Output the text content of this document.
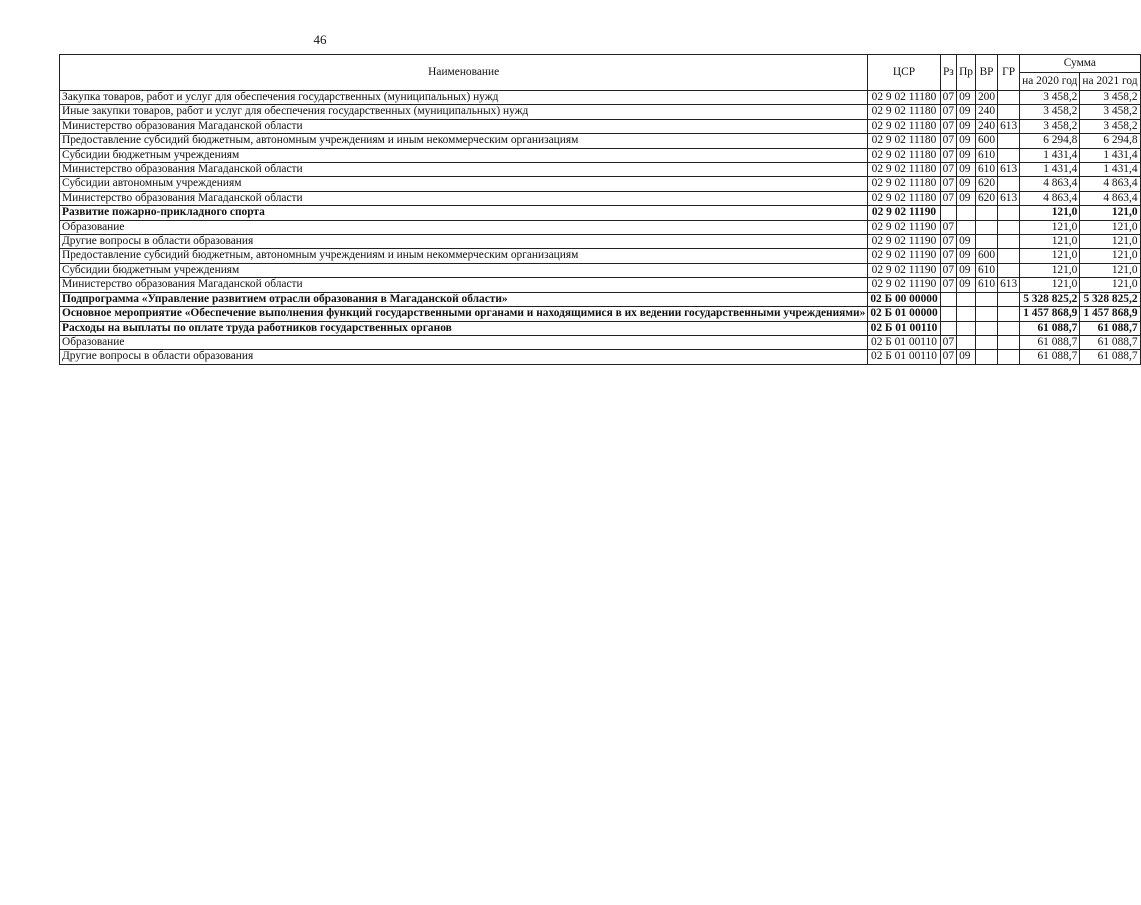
46
Наименование	ЦСР	Рз	Пр	ВР	ГР	Сумма	
						на 2020 год	на 2021 год
Закупка товаров, работ и услуг для обеспечения государственных (муниципальных) нужд	02 9 02 11180	07	09	200		3 458,2	3 458,2
Иные закупки товаров, работ и услуг для обеспечения государственных (муниципальных) нужд	02 9 02 11180	07	09	240		3 458,2	3 458,2
Министерство образования Магаданской области	02 9 02 11180	07	09	240	613	3 458,2	3 458,2
Предоставление субсидий бюджетным, автономным учреждениям и иным некоммерческим организациям	02 9 02 11180	07	09	600		6 294,8	6 294,8
Субсидии бюджетным учреждениям	02 9 02 11180	07	09	610		1 431,4	1 431,4
Министерство образования Магаданской области	02 9 02 11180	07	09	610	613	1 431,4	1 431,4
Субсидии автономным учреждениям	02 9 02 11180	07	09	620		4 863,4	4 863,4
Министерство образования Магаданской области	02 9 02 11180	07	09	620	613	4 863,4	4 863,4
Развитие пожарно-прикладного спорта	02 9 02 11190					121,0	121,0
Образование	02 9 02 11190	07				121,0	121,0
Другие вопросы в области образования	02 9 02 11190	07	09			121,0	121,0
Предоставление субсидий бюджетным, автономным учреждениям и иным некоммерческим организациям	02 9 02 11190	07	09	600		121,0	121,0
Субсидии бюджетным учреждениям	02 9 02 11190	07	09	610		121,0	121,0
Министерство образования Магаданской области	02 9 02 11190	07	09	610	613	121,0	121,0
Подпрограмма «Управление развитием отрасли образования в Магаданской области»	02 Б 00 00000					5 328 825,2	5 328 825,2
Основное мероприятие «Обеспечение выполнения функций государственными органами и находящимися в их ведении государственными учреждениями»	02 Б 01 00000					1 457 868,9	1 457 868,9
Расходы на выплаты по оплате труда работников государственных органов	02 Б 01 00110					61 088,7	61 088,7
Образование	02 Б 01 00110	07				61 088,7	61 088,7
Другие вопросы в области образования	02 Б 01 00110	07	09			61 088,7	61 088,7
